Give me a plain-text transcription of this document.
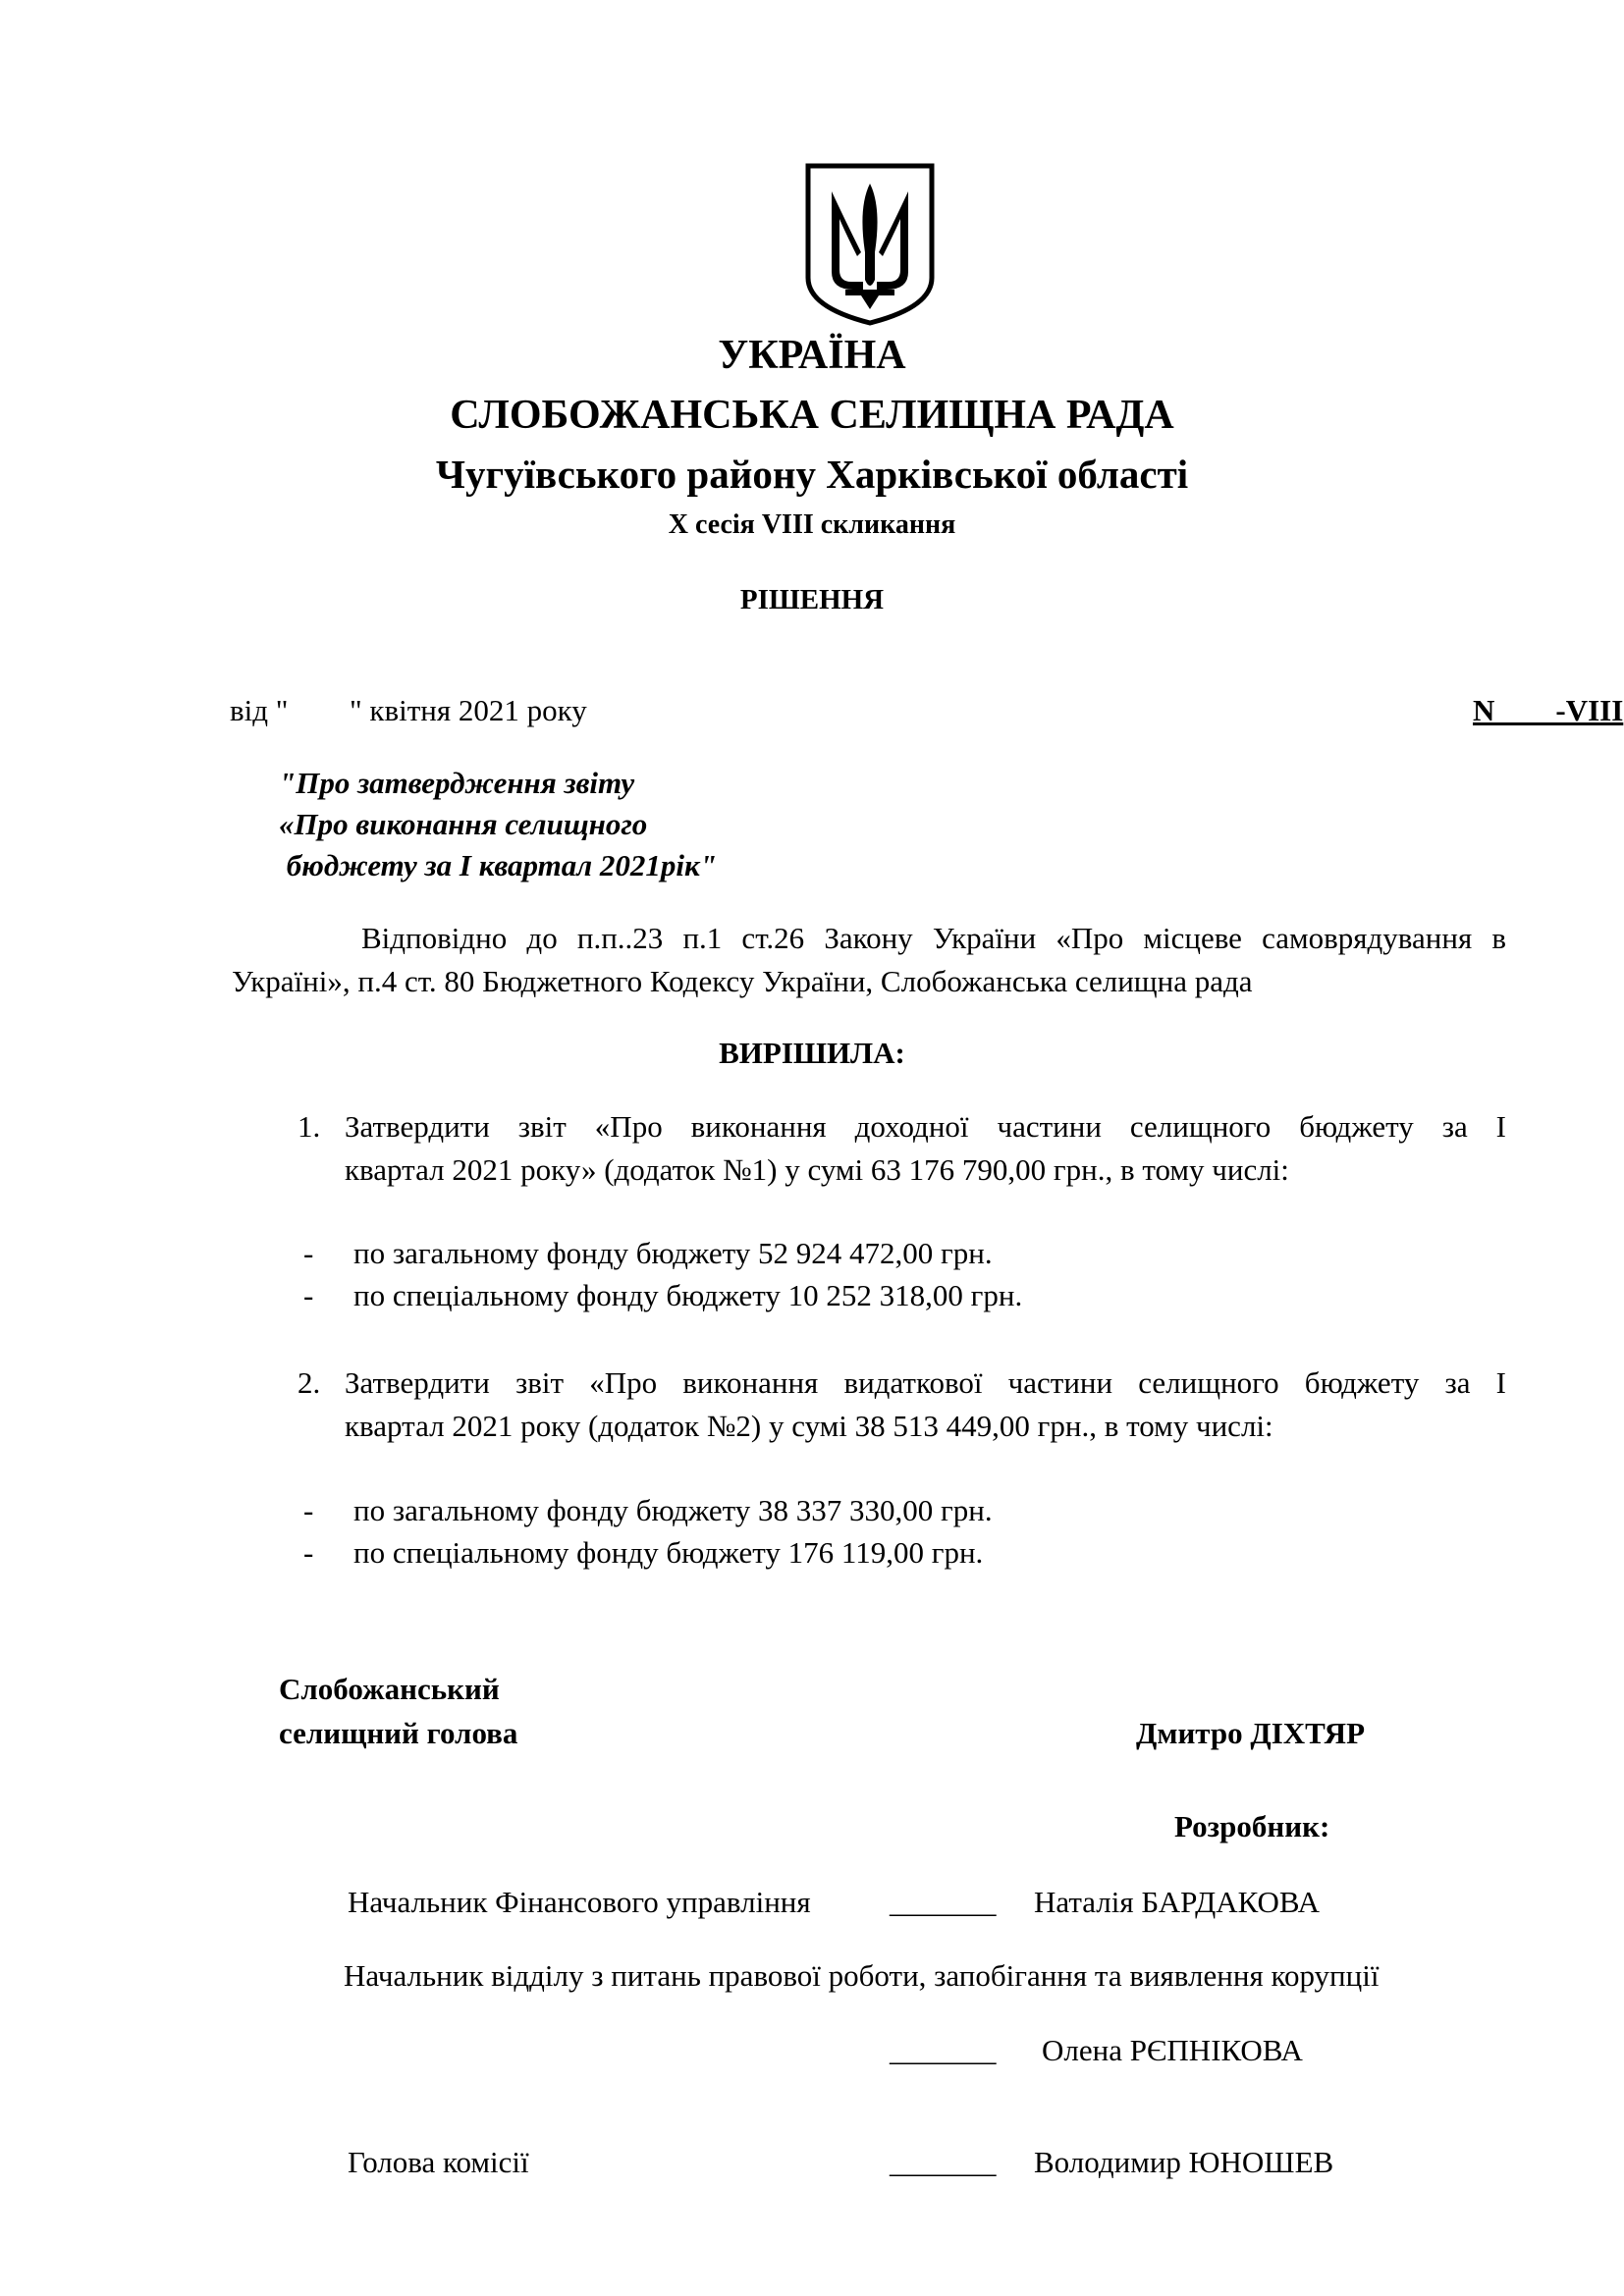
УКРАЇНА
СЛОБОЖАНСЬКА СЕЛИЩНА РАДА
Чугуївського району Харківської області
Х сесія VIII скликання
РІШЕННЯ
від " " квітня 2021 року	N        -VIII
"Про затвердження звіту
«Про виконання селищного
бюджету за І квартал 2021рік"
Відповідно до п.п..23 п.1 ст.26 Закону України «Про місцеве самоврядування в
Україні», п.4 ст. 80 Бюджетного Кодексу України, Слобожанська селищна рада
ВИРІШИЛА:
1. Затвердити звіт «Про виконання доходної частини селищного бюджету за І
квартал 2021 року» (додаток №1) у сумі 63 176 790,00 грн., в тому числі:
- по загальному фонду бюджету 52 924 472,00 грн.
- по спеціальному фонду бюджету 10 252 318,00 грн.
2. Затвердити звіт «Про виконання видаткової частини селищного бюджету за І
квартал 2021 року (додаток №2) у сумі 38 513 449,00 грн., в тому числі:
- по загальному фонду бюджету 38 337 330,00 грн.
- по спеціальному фонду бюджету 176 119,00 грн.
Слобожанський
селищний голова	Дмитро ДІХТЯР
Розробник:
Начальник Фінансового управління	_______ Наталія БАРДАКОВА
Начальник відділу з питань правової роботи, запобігання та виявлення корупції
_______ Олена РЄПНІКОВА
Голова комісії	_______ Володимир ЮНОШЕВ
